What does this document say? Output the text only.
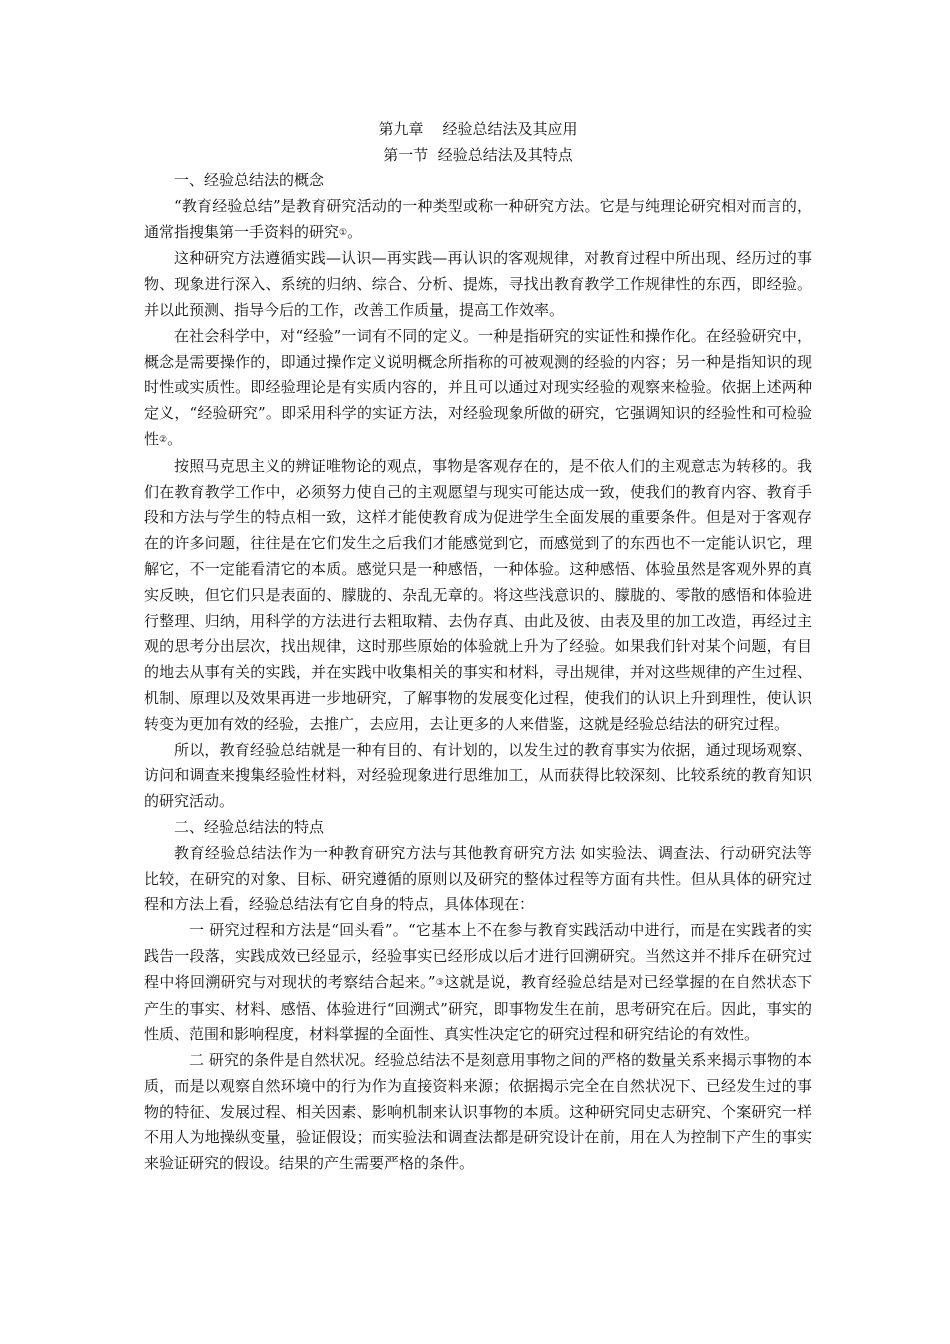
第九章    经验总结法及其应用
第一节  经验总结法及其特点

一、经验总结法的概念

“教育经验总结”是教育研究活动的一种类型或称一种研究方法。它是与纯理论研究相对而言的，通常指搜集第一手资料的研究①。

这种研究方法遵循实践—认识—再实践—再认识的客观规律，对教育过程中所出现、经历过的事物、现象进行深入、系统的归纳、综合、分析、提炼，寻找出教育教学工作规律性的东西，即经验。并以此预测、指导今后的工作，改善工作质量，提高工作效率。

在社会科学中，对“经验”一词有不同的定义。一种是指研究的实证性和操作化。在经验研究中，概念是需要操作的，即通过操作定义说明概念所指称的可被观测的经验的内容；另一种是指知识的现时性或实质性。即经验理论是有实质内容的，并且可以通过对现实经验的观察来检验。依据上述两种定义，“经验研究”。即采用科学的实证方法，对经验现象所做的研究，它强调知识的经验性和可检验性②。

按照马克思主义的辨证唯物论的观点，事物是客观存在的，是不依人们的主观意志为转移的。我们在教育教学工作中，必须努力使自己的主观愿望与现实可能达成一致，使我们的教育内容、教育手段和方法与学生的特点相一致，这样才能使教育成为促进学生全面发展的重要条件。但是对于客观存在的许多问题，往往是在它们发生之后我们才能感觉到它，而感觉到了的东西也不一定能认识它，理解它，不一定能看清它的本质。感觉只是一种感悟，一种体验。这种感悟、体验虽然是客观外界的真实反映，但它们只是表面的、朦胧的、杂乱无章的。将这些浅意识的、朦胧的、零散的感悟和体验进行整理、归纳，用科学的方法进行去粗取精、去伪存真、由此及彼、由表及里的加工改造，再经过主观的思考分出层次，找出规律，这时那些原始的体验就上升为了经验。如果我们针对某个问题，有目的地去从事有关的实践，并在实践中收集相关的事实和材料，寻出规律，并对这些规律的产生过程、机制、原理以及效果再进一步地研究，了解事物的发展变化过程，使我们的认识上升到理性，使认识转变为更加有效的经验，去推广，去应用，去让更多的人来借鉴，这就是经验总结法的研究过程。

所以，教育经验总结就是一种有目的、有计划的，以发生过的教育事实为依据，通过现场观察、访问和调查来搜集经验性材料，对经验现象进行思维加工，从而获得比较深刻、比较系统的教育知识的研究活动。

二、经验总结法的特点

教育经验总结法作为一种教育研究方法与其他教育研究方法 如实验法、调查法、行动研究法等 比较，在研究的对象、目标、研究遵循的原则以及研究的整体过程等方面有共性。但从具体的研究过程和方法上看，经验总结法有它自身的特点，具体体现在：

一 研究过程和方法是“回头看”。“它基本上不在参与教育实践活动中进行，而是在实践者的实践告一段落，实践成效已经显示，经验事实已经形成以后才进行回溯研究。当然这并不排斥在研究过程中将回溯研究与对现状的考察结合起来。”③这就是说，教育经验总结是对已经掌握的在自然状态下产生的事实、材料、感悟、体验进行“回溯式”研究，即事物发生在前，思考研究在后。因此，事实的性质、范围和影响程度，材料掌握的全面性、真实性决定它的研究过程和研究结论的有效性。

二 研究的条件是自然状况。经验总结法不是刻意用事物之间的严格的数量关系来揭示事物的本质，而是以观察自然环境中的行为作为直接资料来源；依据揭示完全在自然状况下、已经发生过的事物的特征、发展过程、相关因素、影响机制来认识事物的本质。这种研究同史志研究、个案研究一样不用人为地操纵变量，验证假设；而实验法和调查法都是研究设计在前，用在人为控制下产生的事实来验证研究的假设。结果的产生需要严格的条件。
